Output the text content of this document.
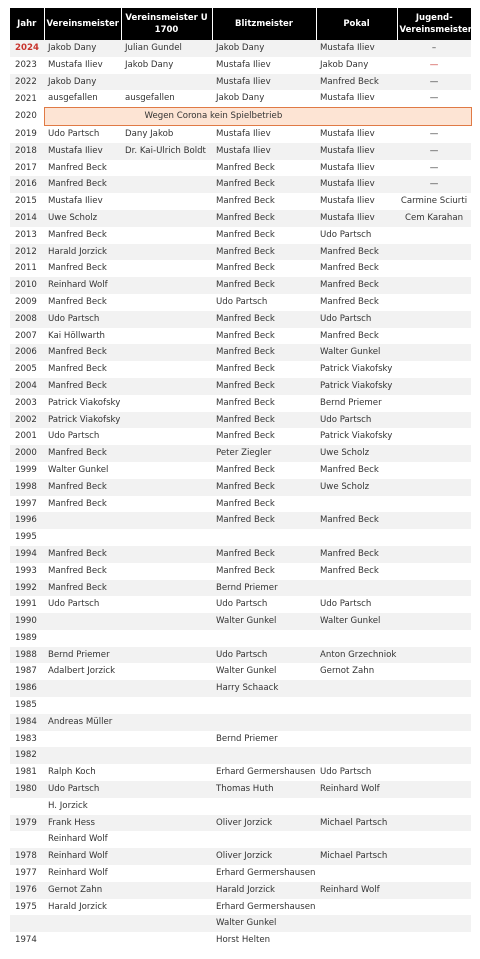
Jahr	Vereinsmeister	Vereinsmeister U 1700	Blitzmeister	Pokal	Jugend-Vereinsmeister
2024	Jakob Dany	Julian Gundel	Jakob Dany	Mustafa Iliev	–
2023	Mustafa Iliev	Jakob Dany	Mustafa Iliev	Jakob Dany	—
2022	Jakob Dany		Mustafa Iliev	Manfred Beck	—
2021	ausgefallen	ausgefallen	Jakob Dany	Mustafa Iliev	—
2020	Wegen Corona kein Spielbetrieb				
2019	Udo Partsch	Dany Jakob	Mustafa Iliev	Mustafa Iliev	—
2018	Mustafa Iliev	Dr. Kai-Ulrich Boldt	Mustafa Iliev	Mustafa Iliev	—
2017	Manfred Beck		Manfred Beck	Mustafa Iliev	—
2016	Manfred Beck		Manfred Beck	Mustafa Iliev	—
2015	Mustafa Iliev		Manfred Beck	Mustafa Iliev	Carmine Sciurti
2014	Uwe Scholz		Manfred Beck	Mustafa Iliev	Cem Karahan
2013	Manfred Beck		Manfred Beck	Udo Partsch	
2012	Harald Jorzick		Manfred Beck	Manfred Beck	
2011	Manfred Beck		Manfred Beck	Manfred Beck	
2010	Reinhard Wolf		Manfred Beck	Manfred Beck	
2009	Manfred Beck		Udo Partsch	Manfred Beck	
2008	Udo Partsch		Manfred Beck	Udo Partsch	
2007	Kai Höllwarth		Manfred Beck	Manfred Beck	
2006	Manfred Beck		Manfred Beck	Walter Gunkel	
2005	Manfred Beck		Manfred Beck	Patrick Viakofsky	
2004	Manfred Beck		Manfred Beck	Patrick Viakofsky	
2003	Patrick Viakofsky		Manfred Beck	Bernd Priemer	
2002	Patrick Viakofsky		Manfred Beck	Udo Partsch	
2001	Udo Partsch		Manfred Beck	Patrick Viakofsky	
2000	Manfred Beck		Peter Ziegler	Uwe Scholz	
1999	Walter Gunkel		Manfred Beck	Manfred Beck	
1998	Manfred Beck		Manfred Beck	Uwe Scholz	
1997	Manfred Beck		Manfred Beck		
1996			Manfred Beck	Manfred Beck	
1995					
1994	Manfred Beck		Manfred Beck	Manfred Beck	
1993	Manfred Beck		Manfred Beck	Manfred Beck	
1992	Manfred Beck		Bernd Priemer		
1991	Udo Partsch		Udo Partsch	Udo Partsch	
1990			Walter Gunkel	Walter Gunkel	
1989					
1988	Bernd Priemer		Udo Partsch	Anton Grzechniok	
1987	Adalbert Jorzick		Walter Gunkel	Gernot Zahn	
1986			Harry Schaack		
1985					
1984	Andreas Müller				
1983			Bernd Priemer		
1982					
1981	Ralph Koch		Erhard Germershausen	Udo Partsch	
1980	Udo Partsch		Thomas Huth	Reinhard Wolf	
	H. Jorzick				
1979	Frank Hess		Oliver Jorzick	Michael Partsch	
	Reinhard Wolf				
1978	Reinhard Wolf		Oliver Jorzick	Michael Partsch	
1977	Reinhard Wolf		Erhard Germershausen		
1976	Gernot Zahn		Harald Jorzick	Reinhard Wolf	
1975	Harald Jorzick		Erhard Germershausen		
			Walter Gunkel		
1974			Horst Helten		
